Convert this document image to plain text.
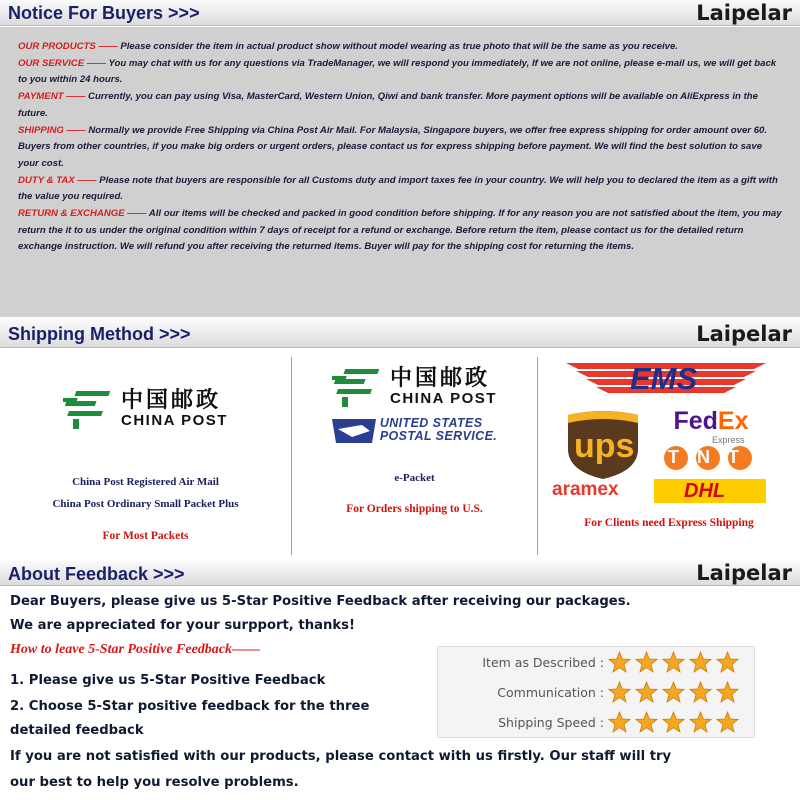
Notice For Buyers >>>	Laipelar

OUR PRODUCTS —— Please consider the item in actual product show without model wearing as true photo that will be the same as you receive.

OUR SERVICE —— You may chat with us for any questions via TradeManager, we will respond you immediately, If we are not online, please e-mail us, we will get back to you within 24 hours.

PAYMENT —— Currently, you can pay using Visa, MasterCard, Western Union, Qiwi and bank transfer. More payment options will be available on AliExpress in the future.

SHIPPING —— Normally we provide Free Shipping via China Post Air Mail. For Malaysia, Singapore buyers, we offer free express shipping for order amount over 60. Buyers from other countries, if you make big orders or urgent orders, please contact us for express shipping before payment. We will find the best solution to save your cost.

DUTY & TAX —— Please note that buyers are responsible for all Customs duty and import taxes fee in your country. We will help you to declared the item as a gift with the value you required.

RETURN & EXCHANGE —— All our items will be checked and packed in good condition before shipping. If for any reason you are not satisfied about the item, you may return the it to us under the original condition within 7 days of receipt for a refund or exchange. Before return the item, please contact us for the detailed return exchange instruction. We will refund you after receiving the returned items. Buyer will pay for the shipping cost for returning the items.

Shipping Method >>>	Laipelar
中国邮政
CHINA POST
China Post Registered Air Mail
China Post Ordinary Small Packet Plus
For Most Packets
中国邮政
CHINA POST
UNITED STATES
POSTAL SERVICE.
e-Packet
For Orders shipping to U.S.
EMS
ups
FedEx
Express
TNT
aramex	DHL
For Clients need Express Shipping
About Feedback >>>	Laipelar
Dear Buyers, please give us 5-Star Positive Feedback after receiving our packages.
We are appreciated for your surpport, thanks!
How to leave 5-Star Positive Feedback——
1. Please give us 5-Star Positive Feedback
2. Choose 5-Star positive feedback for the three
detailed feedback
If you are not satisfied with our products, please contact with us firstly. Our staff will try
our best to help you resolve problems.
Item as Described :
Communication :
Shipping Speed :
